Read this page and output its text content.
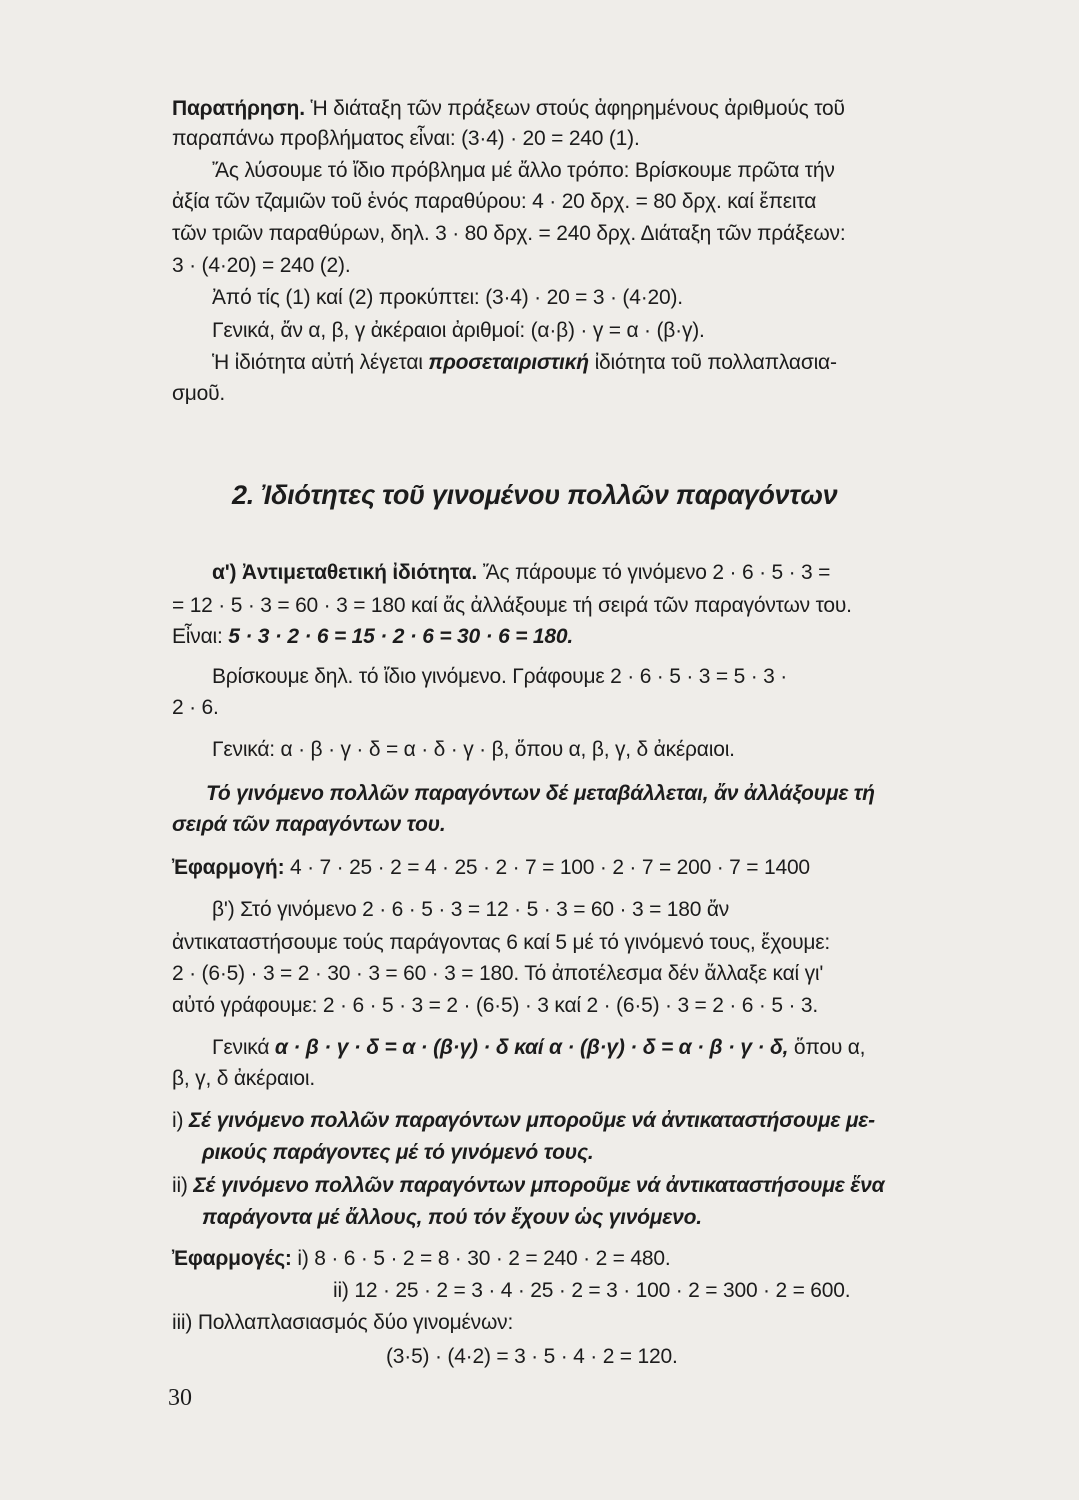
Παρατήρηση. Ἡ διάταξη τῶν πράξεων στούς ἀφηρημένους ἀριθμούς τοῦ
παραπάνω προβλήματος εἶναι: (3·4) · 20 = 240 (1).
Ἄς λύσουμε τό ἴδιο πρόβλημα μέ ἄλλο τρόπο: Βρίσκουμε πρῶτα τήν
ἀξία τῶν τζαμιῶν τοῦ ἑνός παραθύρου: 4 · 20 δρχ. = 80 δρχ. καί ἔπειτα
τῶν τριῶν παραθύρων, δηλ. 3 · 80 δρχ. = 240 δρχ. Διάταξη τῶν πράξεων:
3 · (4·20) = 240 (2).
Ἀπό τίς (1) καί (2) προκύπτει: (3·4) · 20 = 3 · (4·20).
Γενικά, ἄν α, β, γ ἀκέραιοι ἀριθμοί: (α·β) · γ = α · (β·γ).
Ἡ ἰδιότητα αὐτή λέγεται προσεταιριστική ἰδιότητα τοῦ πολλαπλασια-
σμοῦ.
2. Ἰδιότητες τοῦ γινομένου πολλῶν παραγόντων
α') Ἀντιμεταθετική ἰδιότητα. Ἄς πάρουμε τό γινόμενο 2 · 6 · 5 · 3 =
= 12 · 5 · 3 = 60 · 3 = 180 καί ἄς ἀλλάξουμε τή σειρά τῶν παραγόντων του.
Εἶναι: 5 · 3 · 2 · 6 = 15 · 2 · 6 = 30 · 6 = 180.
Βρίσκουμε δηλ. τό ἴδιο γινόμενο. Γράφουμε 2 · 6 · 5 · 3 = 5 · 3 ·
2 · 6.
Γενικά: α · β · γ · δ = α · δ · γ · β, ὅπου α, β, γ, δ ἀκέραιοι.
Τό γινόμενο πολλῶν παραγόντων δέ μεταβάλλεται, ἄν ἀλλάξουμε τή
σειρά τῶν παραγόντων του.
Ἐφαρμογή: 4 · 7 · 25 · 2 = 4 · 25 · 2 · 7 = 100 · 2 · 7 = 200 · 7 = 1400
β') Στό γινόμενο 2 · 6 · 5 · 3 = 12 · 5 · 3 = 60 · 3 = 180 ἄν
ἀντικαταστήσουμε τούς παράγοντας 6 καί 5 μέ τό γινόμενό τους, ἔχουμε:
2 · (6·5) · 3 = 2 · 30 · 3 = 60 · 3 = 180. Τό ἀποτέλεσμα δέν ἄλλαξε καί γι'
αὐτό γράφουμε: 2 · 6 · 5 · 3 = 2 · (6·5) · 3 καί 2 · (6·5) · 3 = 2 · 6 · 5 · 3.
Γενικά α · β · γ · δ = α · (β·γ) · δ καί α · (β·γ) · δ = α · β · γ · δ, ὅπου α,
β, γ, δ ἀκέραιοι.
i) Σέ γινόμενο πολλῶν παραγόντων μποροῦμε νά ἀντικαταστήσουμε με-
ρικούς παράγοντες μέ τό γινόμενό τους.
ii) Σέ γινόμενο πολλῶν παραγόντων μποροῦμε νά ἀντικαταστήσουμε ἕνα
παράγοντα μέ ἄλλους, πού τόν ἔχουν ὡς γινόμενο.
Ἐφαρμογές: i) 8 · 6 · 5 · 2 = 8 · 30 · 2 = 240 · 2 = 480.
ii) 12 · 25 · 2 = 3 · 4 · 25 · 2 = 3 · 100 · 2 = 300 · 2 = 600.
iii) Πολλαπλασιασμός δύο γινομένων:
(3·5) · (4·2) = 3 · 5 · 4 · 2 = 120.
30
